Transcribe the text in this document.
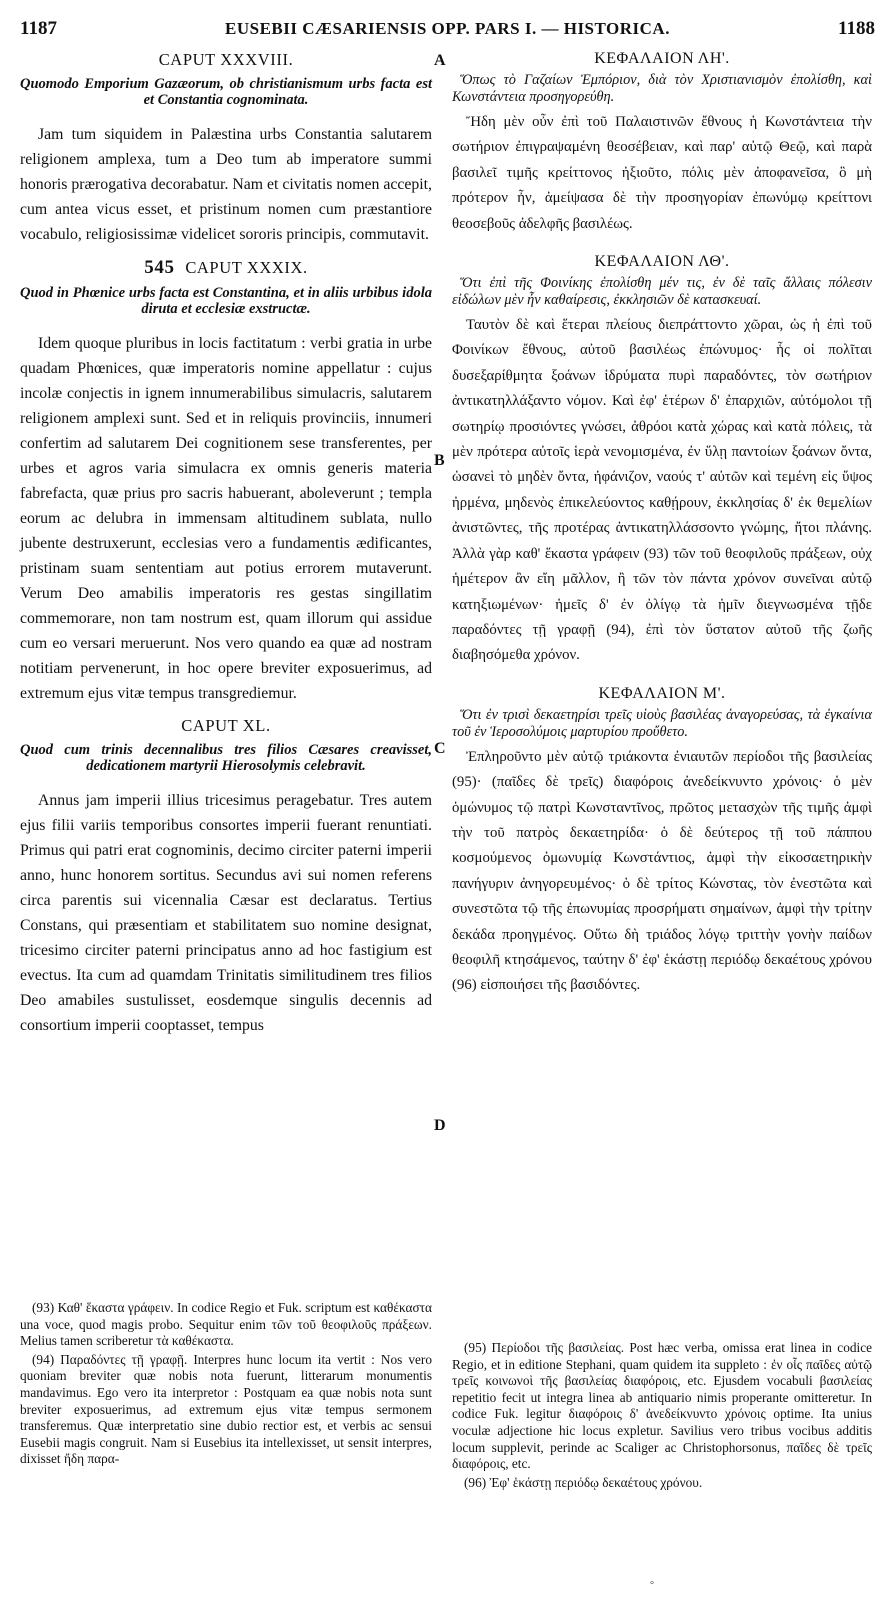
1187	EUSEBII CÆSARIENSIS OPP. PARS I. — HISTORICA.	1188
A
B
C
D
CAPUT XXXVIII.

Quomodo Emporium Gazæorum, ob christianismum urbs facta est et Constantia cognominata.

Jam tum siquidem in Palæstina urbs Constantia salutarem religionem amplexa, tum a Deo tum ab imperatore summi honoris prærogativa decorabatur. Nam et civitatis nomen accepit, cum antea vicus esset, et pristinum nomen cum præstantiore vocabulo, religiosissimæ videlicet sororis principis, commutavit.

545 CAPUT XXXIX.

Quod in Phœnice urbs facta est Constantina, et in aliis urbibus idola diruta et ecclesiæ exstructæ.

Idem quoque pluribus in locis factitatum : verbi gratia in urbe quadam Phœnices, quæ imperatoris nomine appellatur : cujus incolæ conjectis in ignem innumerabilibus simulacris, salutarem religionem amplexi sunt. Sed et in reliquis provinciis, innumeri confertim ad salutarem Dei cognitionem sese transferentes, per urbes et agros varia simulacra ex omnis generis materia fabrefacta, quæ prius pro sacris habuerant, aboleverunt ; templa eorum ac delubra in immensam altitudinem sublata, nullo jubente destruxerunt, ecclesias vero a fundamentis ædificantes, pristinam suam sententiam aut potius errorem mutaverunt. Verum Deo amabilis imperatoris res gestas singillatim commemorare, non tam nostrum est, quam illorum qui assidue cum eo versari meruerunt. Nos vero quando ea quæ ad nostram notitiam pervenerunt, in hoc opere breviter exposuerimus, ad extremum ejus vitæ tempus transgrediemur.

CAPUT XL.

Quod cum trinis decennalibus tres filios Cæsares creavisset, dedicationem martyrii Hierosolymis celebravit.

Annus jam imperii illius tricesimus peragebatur. Tres autem ejus filii variis temporibus consortes imperii fuerant renuntiati. Primus qui patri erat cognominis, decimo circiter paterni imperii anno, hunc honorem sortitus. Secundus avi sui nomen referens circa parentis sui vicennalia Cæsar est declaratus. Tertius Constans, qui præsentiam et stabilitatem suo nomine designat, tricesimo circiter paterni principatus anno ad hoc fastigium est evectus. Ita cum ad quamdam Trinitatis similitudinem tres filios Deo amabiles sustulisset, eosdemque singulis decennis ad consortium imperii cooptasset, tempus

ΚΕΦΑΛΑΙΟΝ ΛΗ'.

Ὅπως τὸ Γαζαίων Ἐμπόριον, διὰ τὸν Χριστιανισμὸν ἐπολίσθη, καὶ Κωνστάντεια προσηγορεύθη.

Ἤδη μὲν οὖν ἐπὶ τοῦ Παλαιστινῶν ἔθνους ἡ Κωνστάντεια τὴν σωτήριον ἐπιγραψαμένη θεοσέβειαν, καὶ παρ' αὐτῷ Θεῷ, καὶ παρὰ βασιλεῖ τιμῆς κρείττονος ἠξιοῦτο, πόλις μὲν ἀποφανεῖσα, ὃ μὴ πρότερον ἦν, ἀμείψασα δὲ τὴν προσηγορίαν ἐπωνύμῳ κρείττονι θεοσεβοῦς ἀδελφῆς βασιλέως.

ΚΕΦΑΛΑΙΟΝ ΛΘ'.

Ὅτι ἐπὶ τῆς Φοινίκης ἐπολίσθη μέν τις, ἐν δὲ ταῖς ἄλλαις πόλεσιν εἰδώλων μὲν ἦν καθαίρεσις, ἐκκλησιῶν δὲ κατασκευαί.

Ταυτὸν δὲ καὶ ἕτεραι πλείους διεπράττοντο χῶραι, ὡς ἡ ἐπὶ τοῦ Φοινίκων ἔθνους, αὐτοῦ βασιλέως ἐπώνυμος· ἧς οἱ πολῖται δυσεξαρίθμητα ξοάνων ἱδρύματα πυρὶ παραδόντες, τὸν σωτήριον ἀντικατηλλάξαντο νόμον. Καὶ ἐφ' ἑτέρων δ' ἐπαρχιῶν, αὐτόμολοι τῇ σωτηρίῳ προσιόντες γνώσει, ἀθρόοι κατὰ χώρας καὶ κατὰ πόλεις, τὰ μὲν πρότερα αὐτοῖς ἱερὰ νενομισμένα, ἐν ὕλῃ παντοίων ξοάνων ὄντα, ὡσανεὶ τὸ μηδὲν ὄντα, ἠφάνιζον, ναούς τ' αὐτῶν καὶ τεμένη εἰς ὕψος ἠρμένα, μηδενὸς ἐπικελεύοντος καθῄρουν, ἐκκλησίας δ' ἐκ θεμελίων ἀνιστῶντες, τῆς προτέρας ἀντικατηλλάσσοντο γνώμης, ἤτοι πλάνης. Ἀλλὰ γὰρ καθ' ἕκαστα γράφειν (93) τῶν τοῦ θεοφιλοῦς πράξεων, οὐχ ἡμέτερον ἂν εἴη μᾶλλον, ἢ τῶν τὸν πάντα χρόνον συνεῖναι αὐτῷ κατηξιωμένων· ἡμεῖς δ' ἐν ὀλίγῳ τὰ ἡμῖν διεγνωσμένα τῇδε παραδόντες τῇ γραφῇ (94), ἐπὶ τὸν ὕστατον αὐτοῦ τῆς ζωῆς διαβησόμεθα χρόνον.

ΚΕΦΑΛΑΙΟΝ Μ'.

Ὅτι ἐν τρισὶ δεκαετηρίσι τρεῖς υἱοὺς βασιλέας ἀναγορεύσας, τὰ ἐγκαίνια τοῦ ἐν Ἱεροσολύμοις μαρτυρίου προὔθετο.

Ἐπληροῦντο μὲν αὐτῷ τριάκοντα ἐνιαυτῶν περίοδοι τῆς βασιλείας (95)· (παῖδες δὲ τρεῖς) διαφόροις ἀνεδείκνυντο χρόνοις· ὁ μὲν ὁμώνυμος τῷ πατρὶ Κωνσταντῖνος, πρῶτος μετασχὼν τῆς τιμῆς ἀμφὶ τὴν τοῦ πατρὸς δεκαετηρίδα· ὁ δὲ δεύτερος τῇ τοῦ πάππου κοσμούμενος ὁμωνυμίᾳ Κωνστάντιος, ἀμφὶ τὴν εἰκοσαετηρικὴν πανήγυριν ἀνηγορευμένος· ὁ δὲ τρίτος Κώνστας, τὸν ἐνεστῶτα καὶ συνεστῶτα τῷ τῆς ἐπωνυμίας προσρήματι σημαίνων, ἀμφὶ τὴν τρίτην δεκάδα προηγμένος. Οὕτω δὴ τριάδος λόγῳ τριττὴν γονὴν παίδων θεοφιλῆ κτησάμενος, ταύτην δ' ἐφ' ἑκάστῃ περιόδῳ δεκαέτους χρόνου (96) εἰσποιήσει τῆς βασιδόντες.

(93) Καθ' ἕκαστα γράφειν. In codice Regio et Fuk. scriptum est καθέκαστα una voce, quod magis probo. Sequitur enim τῶν τοῦ θεοφιλοῦς πράξεων. Melius tamen scriberetur τὰ καθέκαστα.

(94) Παραδόντες τῇ γραφῇ. Interpres hunc locum ita vertit : Nos vero quoniam breviter quæ nobis nota fuerunt, litterarum monumentis mandavimus. Ego vero ita interpretor : Postquam ea quæ nobis nota sunt breviter exposuerimus, ad extremum ejus vitæ tempus sermonem transferemus. Quæ interpretatio sine dubio rectior est, et verbis ac sensui Eusebii magis congruit. Nam si Eusebius ita intellexisset, ut sensit interpres, dixisset ἤδη παρα-

(95) Περίοδοι τῆς βασιλείας. Post hæc verba, omissa erat linea in codice Regio, et in editione Stephani, quam quidem ita suppleto : ἐν οἷς παῖδες αὐτῷ τρεῖς κοινωνοὶ τῆς βασιλείας διαφόροις, etc. Ejusdem vocabuli βασιλείας repetitio fecit ut integra linea ab antiquario nimis properante omitteretur. In codice Fuk. legitur διαφόροις δ' ἀνεδείκνυντο χρόνοις optime. Ita unius voculæ adjectione hic locus expletur. Savilius vero tribus vocibus additis locum supplevit, perinde ac Scaliger ac Christophorsonus, παῖδες δὲ τρεῖς διαφόροις, etc.

(96) Ἐφ' ἑκάστῃ περιόδῳ δεκαέτους χρόνου.

°
